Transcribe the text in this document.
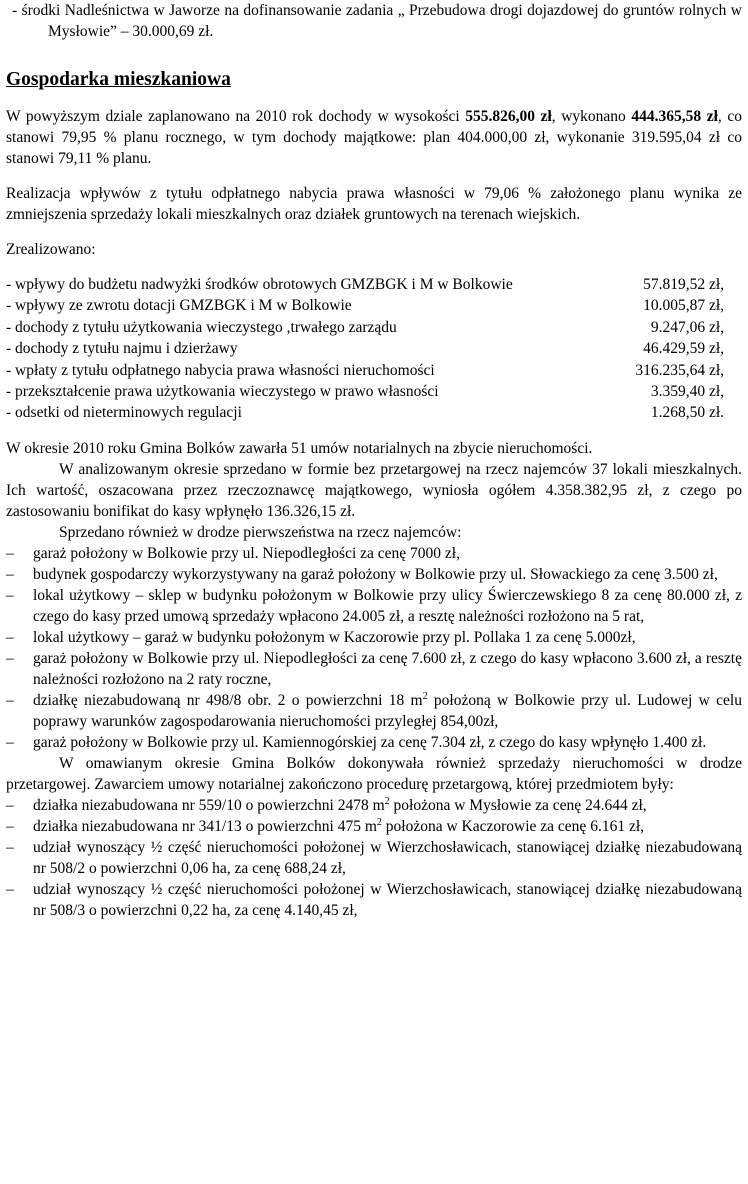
- środki Nadleśnictwa w Jaworze na dofinansowanie zadania „ Przebudowa drogi dojazdowej do gruntów rolnych w Mysłowie” – 30.000,69 zł.

Gospodarka mieszkaniowa

W powyższym dziale zaplanowano na 2010 rok dochody w wysokości 555.826,00 zł, wykonano 444.365,58 zł, co stanowi 79,95 % planu rocznego, w tym dochody majątkowe: plan 404.000,00 zł, wykonanie 319.595,04 zł co stanowi 79,11 % planu.

Realizacja wpływów z tytułu odpłatnego nabycia prawa własności w 79,06 % założonego planu wynika ze zmniejszenia sprzedaży lokali mieszkalnych oraz działek gruntowych na terenach wiejskich.

Zrealizowano:

- wpływy do budżetu nadwyżki środków obrotowych GMZBGK i M w Bolkowie	57.819,52 zł,
- wpływy ze zwrotu dotacji GMZBGK i M w Bolkowie	10.005,87 zł,
- dochody z tytułu użytkowania wieczystego ,trwałego zarządu	9.247,06 zł,
- dochody z tytułu najmu i dzierżawy	46.429,59 zł,
- wpłaty z tytułu odpłatnego nabycia prawa własności nieruchomości	316.235,64 zł,
- przekształcenie prawa użytkowania wieczystego w prawo własności	3.359,40 zł,
- odsetki od nieterminowych regulacji	1.268,50 zł.

W okresie 2010 roku Gmina Bolków zawarła 51 umów notarialnych na zbycie nieruchomości.

W analizowanym okresie sprzedano w formie bez przetargowej na rzecz najemców 37 lokali mieszkalnych. Ich wartość, oszacowana przez rzeczoznawcę majątkowego, wyniosła ogółem 4.358.382,95 zł, z czego po zastosowaniu bonifikat do kasy wpłynęło 136.326,15 zł.

Sprzedano również w drodze pierwszeństwa na rzecz najemców:

– garaż położony w Bolkowie przy ul. Niepodległości za cenę 7000 zł,
– budynek gospodarczy wykorzystywany na garaż położony w Bolkowie przy ul. Słowackiego za cenę 3.500 zł,
– lokal użytkowy – sklep w budynku położonym w Bolkowie przy ulicy Świerczewskiego 8 za cenę 80.000 zł, z czego do kasy przed umową sprzedaży wpłacono 24.005 zł, a resztę należności rozłożono na 5 rat,
– lokal użytkowy – garaż w budynku położonym w Kaczorowie przy pl. Pollaka 1 za cenę 5.000zł,
– garaż położony w Bolkowie przy ul. Niepodległości za cenę 7.600 zł, z czego do kasy wpłacono 3.600 zł, a resztę należności rozłożono na 2 raty roczne,
– działkę niezabudowaną nr 498/8 obr. 2 o powierzchni 18 $m^2$ położoną w Bolkowie przy ul. Ludowej w celu poprawy warunków zagospodarowania nieruchomości przyległej 854,00zł,
– garaż położony w Bolkowie przy ul. Kamiennogórskiej za cenę 7.304 zł, z czego do kasy wpłynęło 1.400 zł.

W omawianym okresie Gmina Bolków dokonywała również sprzedaży nieruchomości w drodze przetargowej. Zawarciem umowy notarialnej zakończono procedurę przetargową, której przedmiotem były:

– działka niezabudowana nr 559/10 o powierzchni 2478 $m^2$ położona w Mysłowie za cenę 24.644 zł,
– działka niezabudowana nr 341/13 o powierzchni 475 $m^2$ położona w Kaczorowie za cenę 6.161 zł,
– udział wynoszący ½ część nieruchomości położonej w Wierzchosławicach, stanowiącej działkę niezabudowaną nr 508/2 o powierzchni 0,06 ha, za cenę 688,24 zł,
– udział wynoszący ½ część nieruchomości położonej w Wierzchosławicach, stanowiącej działkę niezabudowaną nr 508/3 o powierzchni 0,22 ha, za cenę 4.140,45 zł,
